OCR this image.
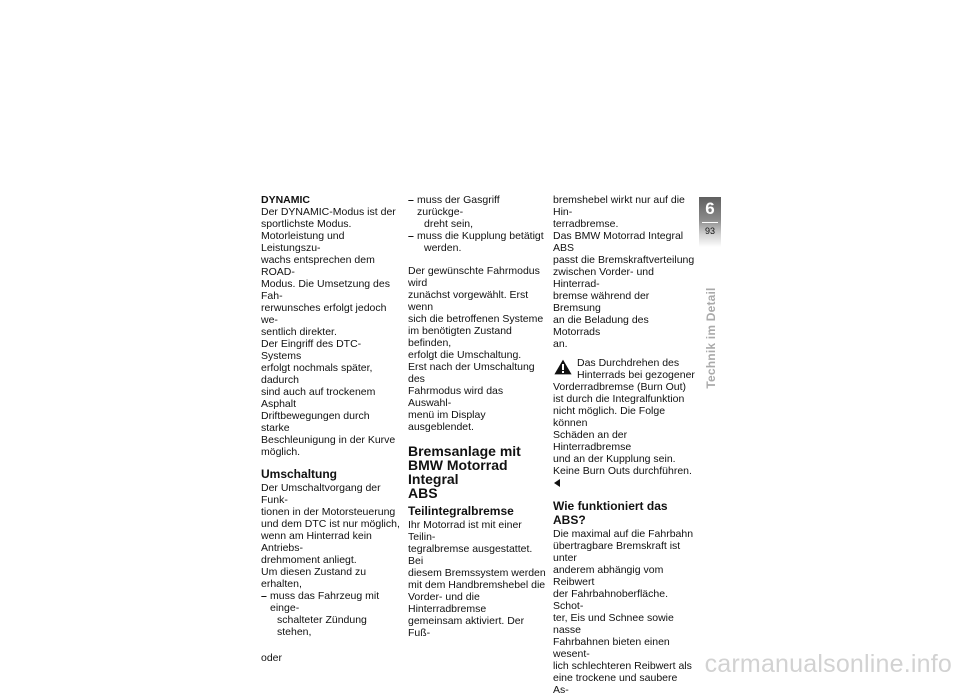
DYNAMIC

Der DYNAMIC-Modus ist der

sportlichste Modus.

Motorleistung und Leistungszu-

wachs entsprechen dem ROAD-

Modus. Die Umsetzung des Fah-

rerwunsches erfolgt jedoch we-

sentlich direkter.

Der Eingriff des DTC-Systems

erfolgt nochmals später, dadurch

sind auch auf trockenem Asphalt

Driftbewegungen durch starke

Beschleunigung in der Kurve

möglich.

Umschaltung

Der Umschaltvorgang der Funk-

tionen in der Motorsteuerung

und dem DTC ist nur möglich,

wenn am Hinterrad kein Antriebs-

drehmoment anliegt.

Um diesen Zustand zu erhalten,

– muss das Fahrzeug mit einge-

schalteter Zündung stehen,

oder

– muss der Gasgriff zurückge-

dreht sein,

– muss die Kupplung betätigt

werden.

Der gewünschte Fahrmodus wird

zunächst vorgewählt. Erst wenn

sich die betroffenen Systeme

im benötigten Zustand befinden,

erfolgt die Umschaltung.

Erst nach der Umschaltung des

Fahrmodus wird das Auswahl-

menü im Display ausgeblendet.

Bremsanlage mit

BMW Motorrad Integral

ABS

Teilintegralbremse

Ihr Motorrad ist mit einer Teilin-

tegralbremse ausgestattet. Bei

diesem Bremssystem werden

mit dem Handbremshebel die

Vorder- und die Hinterradbremse

gemeinsam aktiviert. Der Fuß-

bremshebel wirkt nur auf die Hin-

terradbremse.

Das BMW Motorrad Integral ABS

passt die Bremskraftverteilung

zwischen Vorder- und Hinterrad-

bremse während der Bremsung

an die Beladung des Motorrads

an.

Das Durchdrehen des

Hinterrads bei gezogener

Vorderradbremse (Burn Out)

ist durch die Integralfunktion

nicht möglich. Die Folge können

Schäden an der Hinterradbremse

und an der Kupplung sein.

Keine Burn Outs durchführen.

Wie funktioniert das ABS?

Die maximal auf die Fahrbahn

übertragbare Bremskraft ist unter

anderem abhängig vom Reibwert

der Fahrbahnoberfläche. Schot-

ter, Eis und Schnee sowie nasse

Fahrbahnen bieten einen wesent-

lich schlechteren Reibwert als

eine trockene und saubere As-

6
93
Technik im Detail
carmanualsonline.info
